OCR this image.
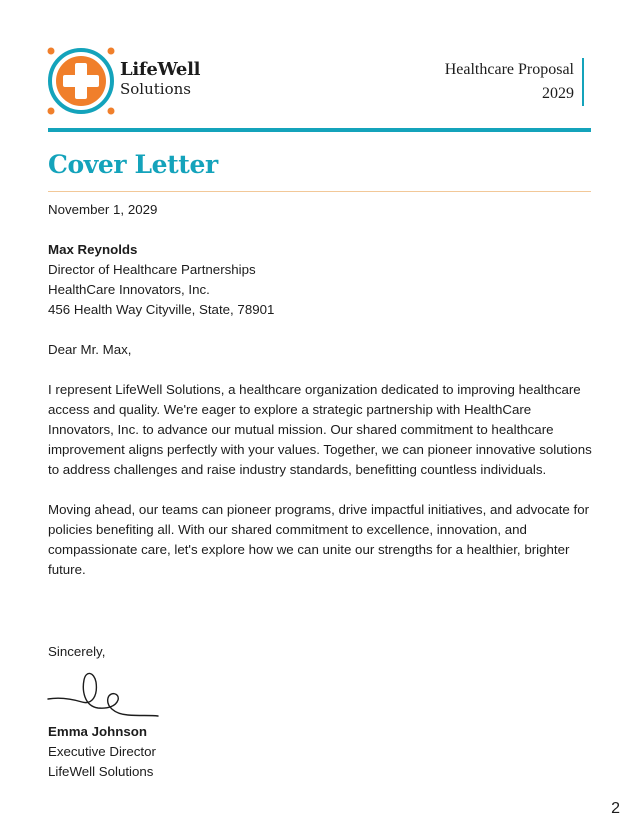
LifeWell
Solutions
Healthcare Proposal
2029
Cover Letter

November 1, 2029

Max Reynolds

Director of Healthcare Partnerships

HealthCare Innovators, Inc.

456 Health Way Cityville, State, 78901

Dear Mr. Max,

I represent LifeWell Solutions, a healthcare organization dedicated to improving healthcare access and quality. We're eager to explore a strategic partnership with HealthCare Innovators, Inc. to advance our mutual mission. Our shared commitment to healthcare improvement aligns perfectly with your values. Together, we can pioneer innovative solutions to address challenges and raise industry standards, benefitting countless individuals.

Moving ahead, our teams can pioneer programs, drive impactful initiatives, and advocate for policies benefiting all. With our shared commitment to excellence, innovation, and compassionate care, let's explore how we can unite our strengths for a healthier, brighter future.

Sincerely,
Emma Johnson
Executive Director
LifeWell Solutions
2
